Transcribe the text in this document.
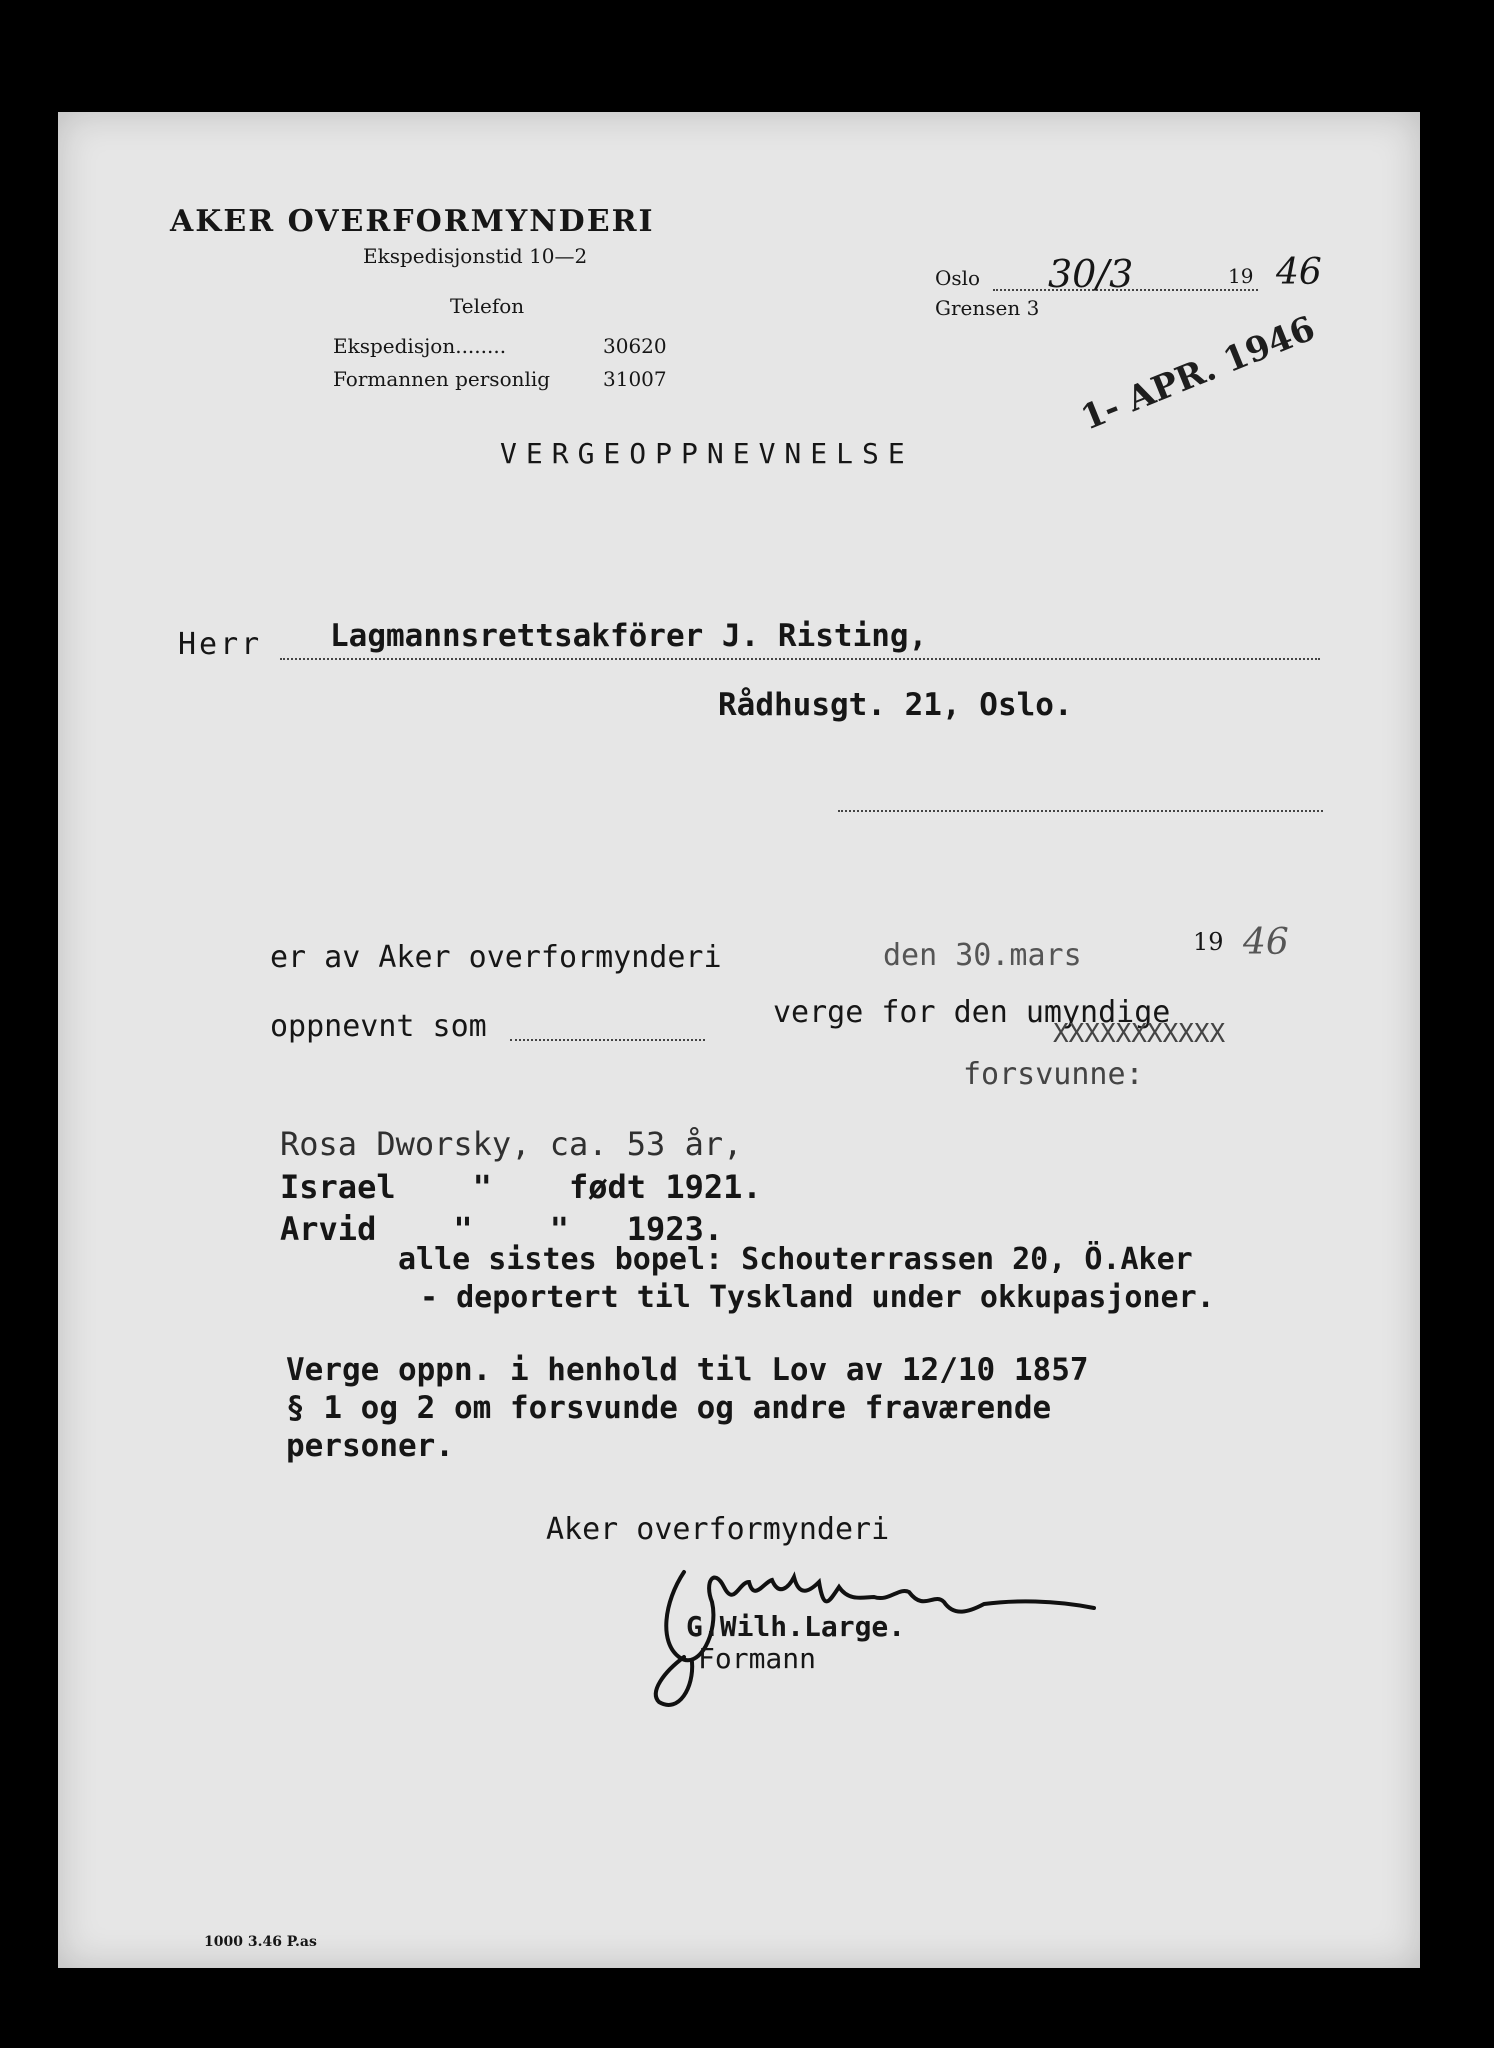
AKER OVERFORMYNDERI
Ekspedisjonstid 10—2
Telefon
Ekspedisjon........	30620
Formannen personlig	31007
Oslo 30/3	19 46
Grensen 3
1- APR. 1946
VERGEOPPNEVNELSE
Herr Lagmannsrettsakförer J. Risting,
Rådhusgt. 21, Oslo.
er av Aker overformynderi	den 30.mars	19 46
oppnevnt som	verge for den umyndige
XXXXXXXXXXX
forsvunne:
Rosa Dworsky, ca. 53 år,
Israel    "    født 1921.
Arvid    "    "   1923.
alle sistes bopel: Schouterrassen 20, Ö.Aker
- deportert til Tyskland under okkupasjoner.
Verge oppn. i henhold til Lov av 12/10 1857
§ 1 og 2 om forsvunde og andre fraværende
personer.
Aker overformynderi
G.Wilh.Large.
Formann
1000 3.46 P.as
